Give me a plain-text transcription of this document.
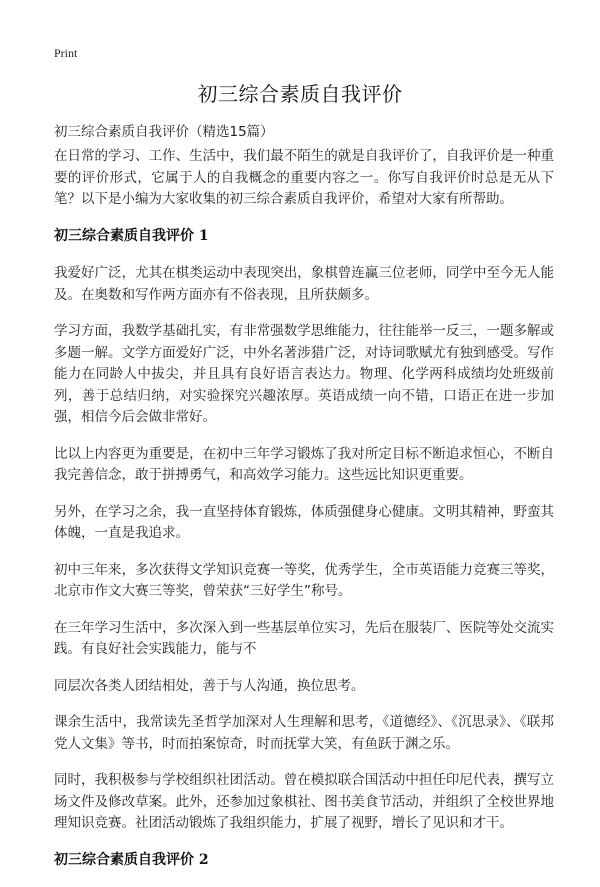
Print
初三综合素质自我评价
初三综合素质自我评价（精选15篇）

在日常的学习、工作、生活中，我们最不陌生的就是自我评价了，自我评价是一种重要的评价形式，它属于人的自我概念的重要内容之一。你写自我评价时总是无从下笔？以下是小编为大家收集的初三综合素质自我评价，希望对大家有所帮助。

初三综合素质自我评价 1

我爱好广泛，尤其在棋类运动中表现突出，象棋曾连赢三位老师，同学中至今无人能及。在奥数和写作两方面亦有不俗表现，且所获颇多。

学习方面，我数学基础扎实，有非常强数学思维能力，往往能举一反三，一题多解或多题一解。文学方面爱好广泛，中外名著涉猎广泛，对诗词歌赋尤有独到感受。写作能力在同龄人中拔尖，并且具有良好语言表达力。物理、化学两科成绩均处班级前列，善于总结归纳，对实验探究兴趣浓厚。英语成绩一向不错，口语正在进一步加强，相信今后会做非常好。

比以上内容更为重要是，在初中三年学习锻炼了我对所定目标不断追求恒心，不断自我完善信念，敢于拼搏勇气，和高效学习能力。这些远比知识更重要。

另外，在学习之余，我一直坚持体育锻炼，体质强健身心健康。文明其精神，野蛮其体魄，一直是我追求。

初中三年来，多次获得文学知识竞赛一等奖，优秀学生，全市英语能力竞赛三等奖，北京市作文大赛三等奖，曾荣获“三好学生”称号。

在三年学习生活中，多次深入到一些基层单位实习，先后在服装厂、医院等处交流实践。有良好社会实践能力，能与不

同层次各类人团结相处，善于与人沟通，换位思考。

课余生活中，我常读先圣哲学加深对人生理解和思考，《道德经》、《沉思录》、《联邦党人文集》等书，时而拍案惊奇，时而抚掌大笑，有鱼跃于渊之乐。

同时，我积极参与学校组织社团活动。曾在模拟联合国活动中担任印尼代表，撰写立场文件及修改草案。此外，还参加过象棋社、图书美食节活动，并组织了全校世界地理知识竞赛。社团活动锻炼了我组织能力，扩展了视野，增长了见识和才干。

初三综合素质自我评价 2
